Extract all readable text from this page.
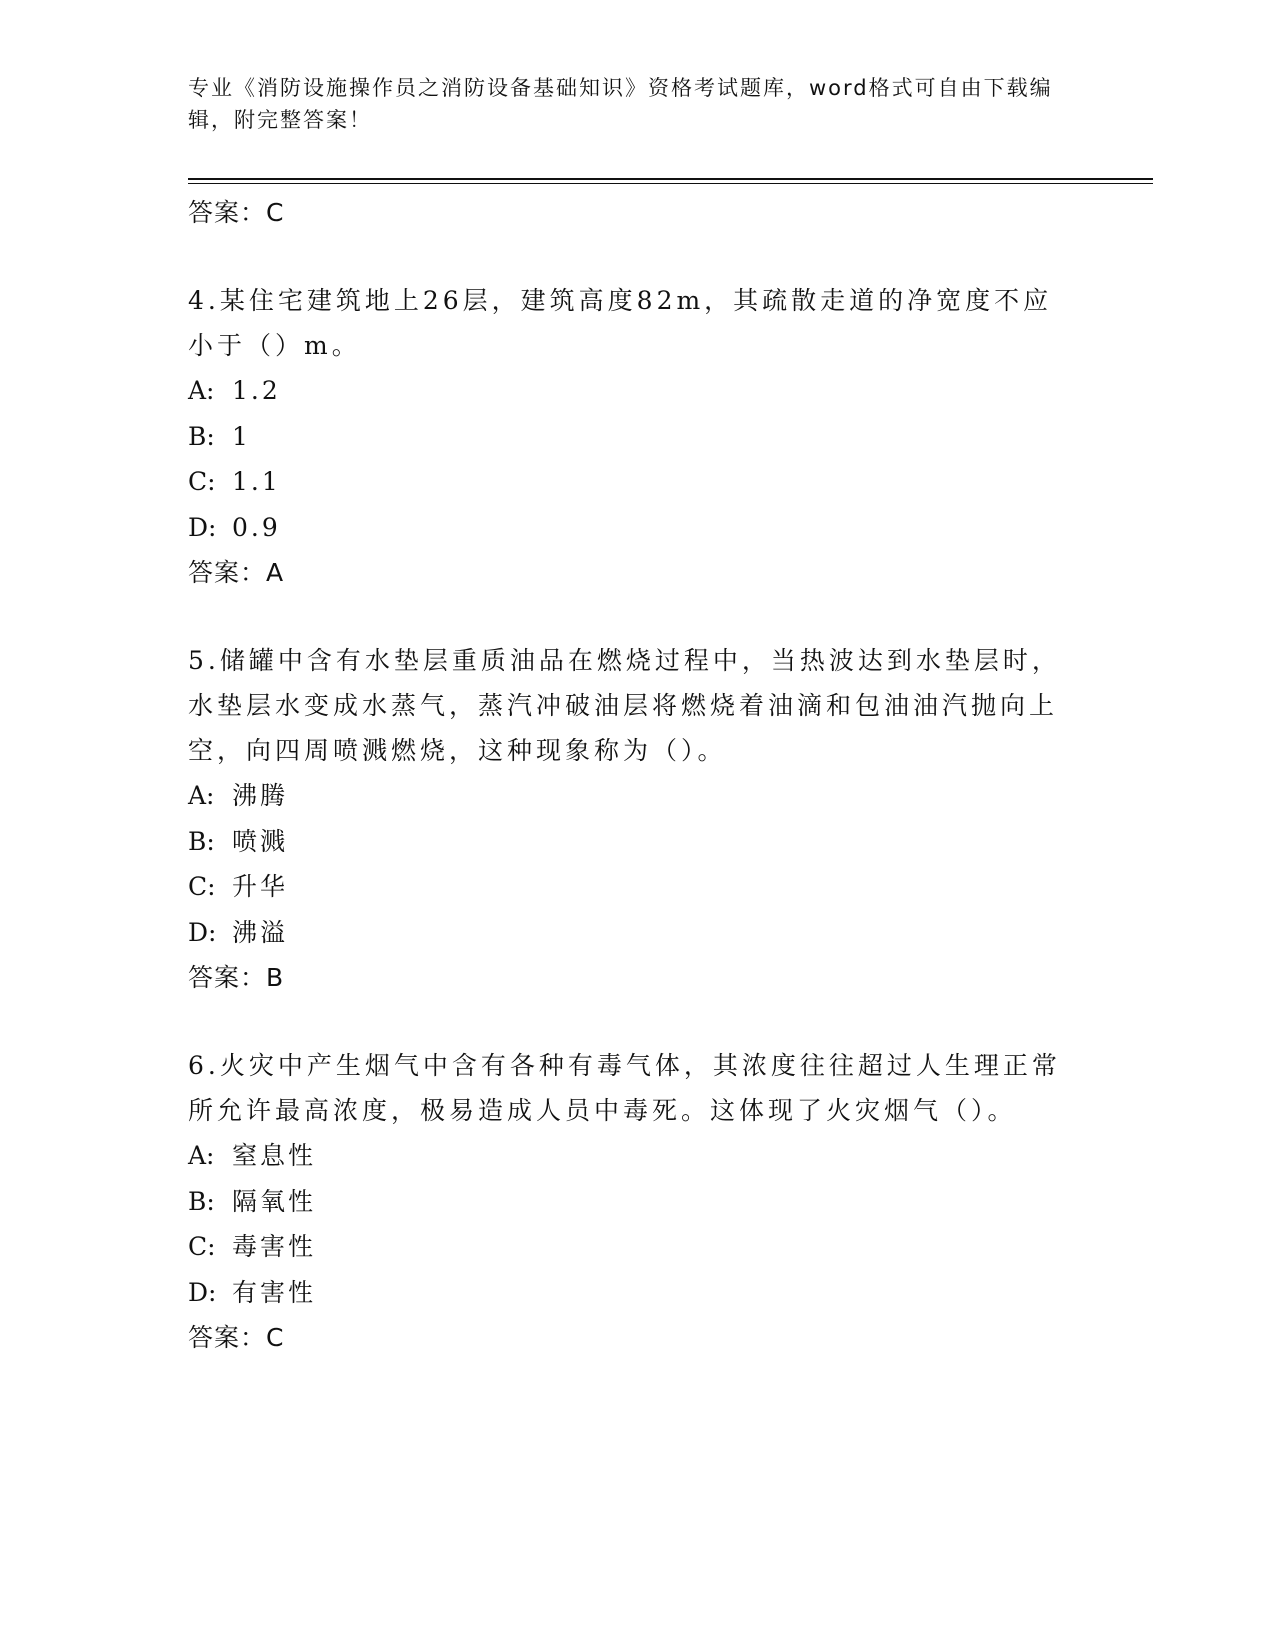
专业《消防设施操作员之消防设备基础知识》资格考试题库，word格式可自由下载编辑，附完整答案！
答案：C
4.某住宅建筑地上26层，建筑高度82m，其疏散走道的净宽度不应小于（）m。
A: 1.2
B: 1
C: 1.1
D: 0.9
答案：A
5.储罐中含有水垫层重质油品在燃烧过程中，当热波达到水垫层时，水垫层水变成水蒸气，蒸汽冲破油层将燃烧着油滴和包油油汽抛向上空，向四周喷溅燃烧，这种现象称为（）。
A: 沸腾
B: 喷溅
C: 升华
D: 沸溢
答案：B
6.火灾中产生烟气中含有各种有毒气体，其浓度往往超过人生理正常所允许最高浓度，极易造成人员中毒死。这体现了火灾烟气（）。
A: 窒息性
B: 隔氧性
C: 毒害性
D: 有害性
答案：C
